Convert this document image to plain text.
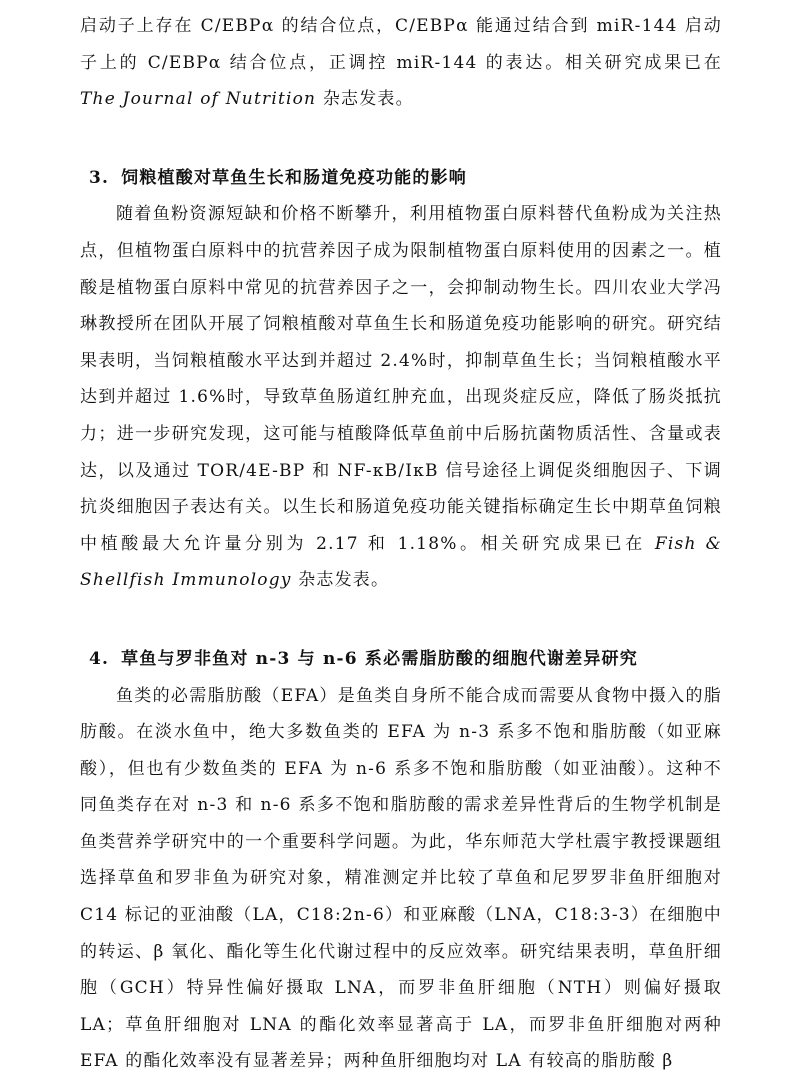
启动子上存在 C/EBPα 的结合位点，C/EBPα 能通过结合到 miR-144 启动子上的 C/EBPα 结合位点，正调控 miR-144 的表达。相关研究成果已在 The Journal of Nutrition 杂志发表。

3. 饲粮植酸对草鱼生长和肠道免疫功能的影响

随着鱼粉资源短缺和价格不断攀升，利用植物蛋白原料替代鱼粉成为关注热点，但植物蛋白原料中的抗营养因子成为限制植物蛋白原料使用的因素之一。植酸是植物蛋白原料中常见的抗营养因子之一，会抑制动物生长。四川农业大学冯琳教授所在团队开展了饲粮植酸对草鱼生长和肠道免疫功能影响的研究。研究结果表明，当饲粮植酸水平达到并超过 2.4%时，抑制草鱼生长；当饲粮植酸水平达到并超过 1.6%时，导致草鱼肠道红肿充血，出现炎症反应，降低了肠炎抵抗力；进一步研究发现，这可能与植酸降低草鱼前中后肠抗菌物质活性、含量或表达，以及通过 TOR/4E-BP 和 NF-κB/IκB 信号途径上调促炎细胞因子、下调抗炎细胞因子表达有关。以生长和肠道免疫功能关键指标确定生长中期草鱼饲粮中植酸最大允许量分别为 2.17 和 1.18%。相关研究成果已在 Fish & Shellfish Immunology 杂志发表。

4. 草鱼与罗非鱼对 n-3 与 n-6 系必需脂肪酸的细胞代谢差异研究

鱼类的必需脂肪酸（EFA）是鱼类自身所不能合成而需要从食物中摄入的脂肪酸。在淡水鱼中，绝大多数鱼类的 EFA 为 n-3 系多不饱和脂肪酸（如亚麻酸），但也有少数鱼类的 EFA 为 n-6 系多不饱和脂肪酸（如亚油酸）。这种不同鱼类存在对 n-3 和 n-6 系多不饱和脂肪酸的需求差异性背后的生物学机制是鱼类营养学研究中的一个重要科学问题。为此，华东师范大学杜震宇教授课题组选择草鱼和罗非鱼为研究对象，精准测定并比较了草鱼和尼罗罗非鱼肝细胞对 C14 标记的亚油酸（LA，C18:2n-6）和亚麻酸（LNA，C18:3-3）在细胞中的转运、β 氧化、酯化等生化代谢过程中的反应效率。研究结果表明，草鱼肝细胞（GCH）特异性偏好摄取 LNA，而罗非鱼肝细胞（NTH）则偏好摄取 LA；草鱼肝细胞对 LNA 的酯化效率显著高于 LA，而罗非鱼肝细胞对两种 EFA 的酯化效率没有显著差异；两种鱼肝细胞均对 LA 有较高的脂肪酸 β
